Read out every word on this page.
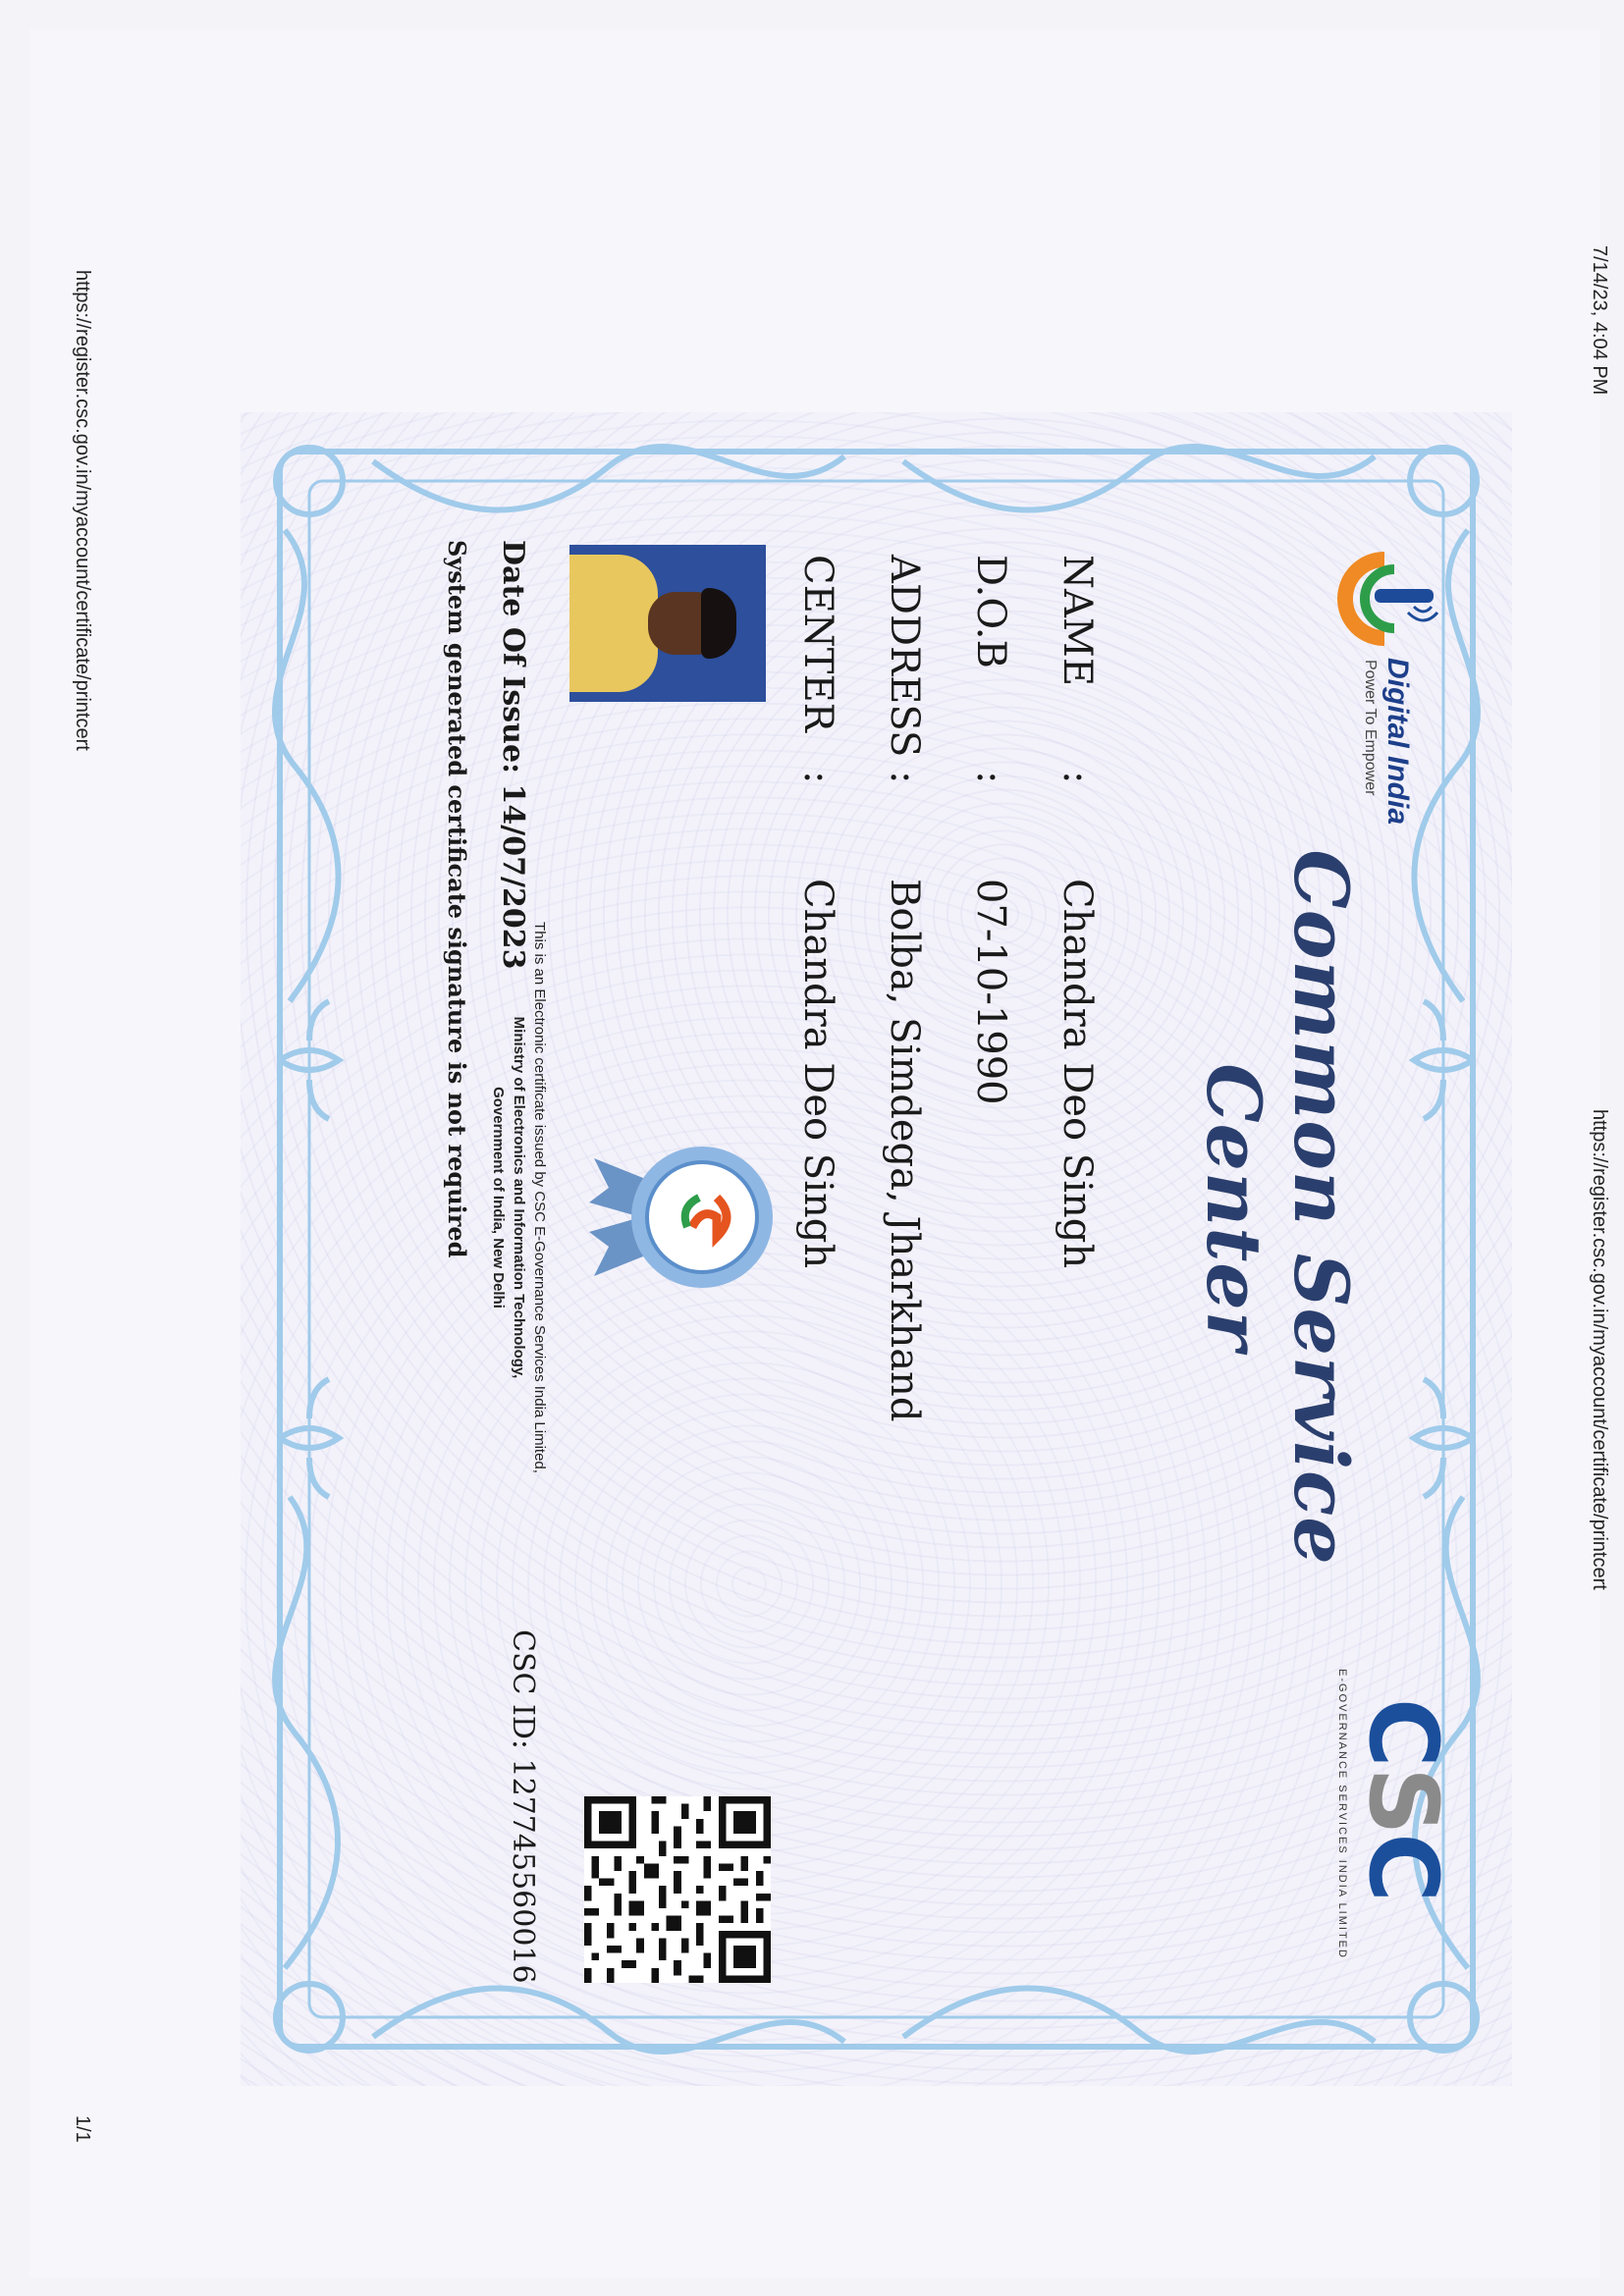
7/14/23, 4:04 PM
https://register.csc.gov.in/myaccount/certificate/printcert
https://register.csc.gov.in/myaccount/certificate/printcert
1/1
Digital India
Power To Empower
Common Service Center
CSC
E-GOVERNANCE SERVICES INDIA LIMITED
NAME
:
Chandra Deo Singh
D.O.B
:
07-10-1990
ADDRESS
:
Bolba, Simdega, Jharkhand
CENTER
:
Chandra Deo Singh
Date Of Issue: 14/07/2023
System generated certificate signature is not required	This is an Electronic certificate issued by CSC E-Governance Services India Limited,
Ministry of Electronics and Information Technology,
Government of India, New Delhi
CSC ID: 127745560016
